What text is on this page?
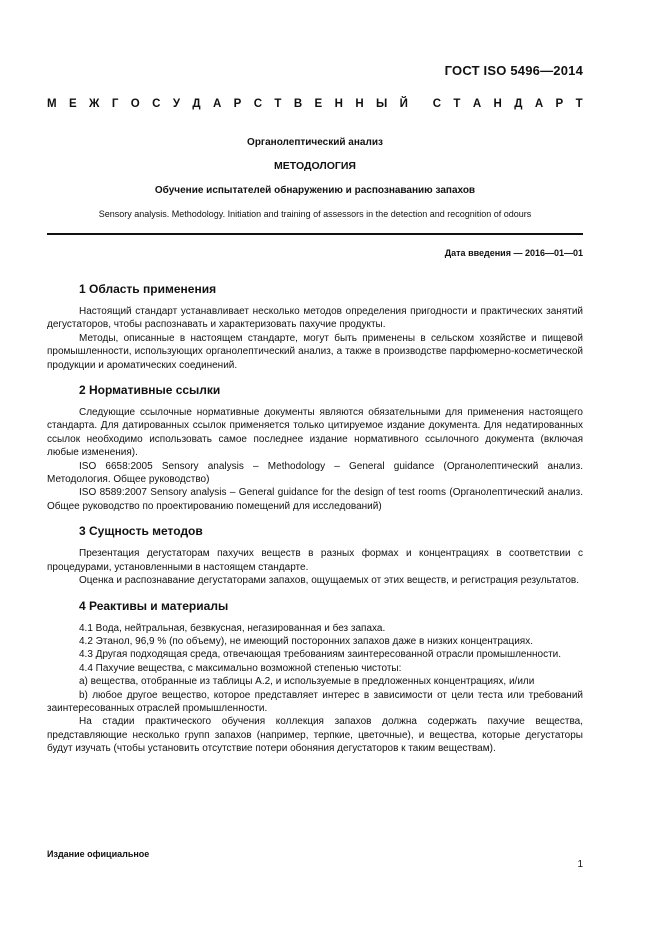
ГОСТ ISO 5496—2014
М Е Ж Г О С У Д А Р С Т В Е Н Н Ы Й С Т А Н Д А Р Т
Органолептический анализ
МЕТОДОЛОГИЯ
Обучение испытателей обнаружению и распознаванию запахов
Sensory analysis. Methodology. Initiation and training of assessors in the detection and recognition of odours
Дата введения — 2016—01—01
1 Область применения

Настоящий стандарт устанавливает несколько методов определения пригодности и практических занятий дегустаторов, чтобы распознавать и характеризовать пахучие продукты.

Методы, описанные в настоящем стандарте, могут быть применены в сельском хозяйстве и пищевой промышленности, использующих органолептический анализ, а также в производстве парфюмерно-косметической продукции и ароматических соединений.

2 Нормативные ссылки

Следующие ссылочные нормативные документы являются обязательными для применения настоящего стандарта. Для датированных ссылок применяется только цитируемое издание документа. Для недатированных ссылок необходимо использовать самое последнее издание нормативного ссылочного документа (включая любые изменения).

ISO 6658:2005 Sensory analysis – Methodology – General guidance (Органолептический анализ. Методология. Общее руководство)

ISO 8589:2007 Sensory analysis – General guidance for the design of test rooms (Органолептический анализ. Общее руководство по проектированию помещений для исследований)

3 Сущность методов

Презентация дегустаторам пахучих веществ в разных формах и концентрациях в соответствии с процедурами, установленными в настоящем стандарте.

Оценка и распознавание дегустаторами запахов, ощущаемых от этих веществ, и регистрация результатов.

4 Реактивы и материалы

4.1 Вода, нейтральная, безвкусная, негазированная и без запаха.

4.2 Этанол, 96,9 % (по объему), не имеющий посторонних запахов даже в низких концентрациях.

4.3 Другая подходящая среда, отвечающая требованиям заинтересованной отрасли промышленности.

4.4 Пахучие вещества, с максимально возможной степенью чистоты:

а) вещества, отобранные из таблицы А.2, и используемые в предложенных концентрациях, и/или

b) любое другое вещество, которое представляет интерес в зависимости от цели теста или требований заинтересованных отраслей промышленности.

На стадии практического обучения коллекция запахов должна содержать пахучие вещества, представляющие несколько групп запахов (например, терпкие, цветочные), и вещества, которые дегустаторы будут изучать (чтобы установить отсутствие потери обоняния дегустаторов к таким веществам).

Издание официальное
1
